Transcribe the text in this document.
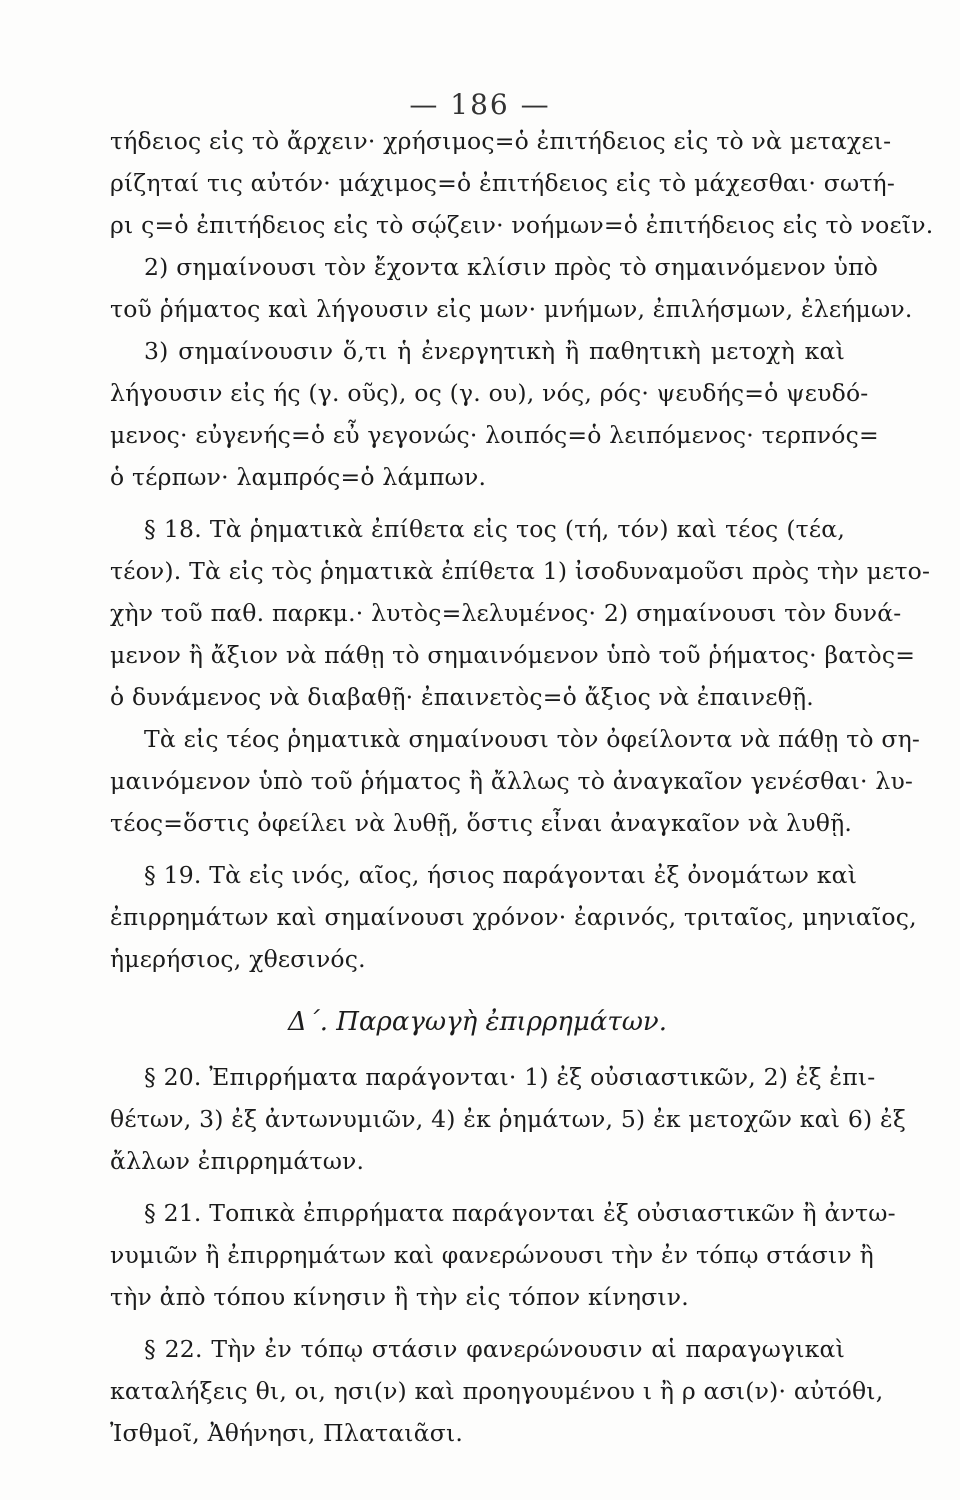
— 186 —
τήδειος εἰς τὸ ἄρχειν· χρήσιμος=ὁ ἐπιτήδειος εἰς τὸ νὰ μεταχει-
ρίζηταί τις αὐτόν· μάχιμος=ὁ ἐπιτήδειος εἰς τὸ μάχεσθαι· σωτή-
ρι ς=ὁ ἐπιτήδειος εἰς τὸ σῴζειν· νοήμων=ὁ ἐπιτήδειος εἰς τὸ νοεῖν.
2) σημαίνουσι τὸν ἔχοντα κλίσιν πρὸς τὸ σημαινόμενον ὑπὸ
τοῦ ῥήματος καὶ λήγουσιν εἰς μων· μνήμων, ἐπιλήσμων, ἐλεήμων.
3) σημαίνουσιν ὅ,τι ἡ ἐνεργητικὴ ἢ παθητικὴ μετοχὴ καὶ
λήγουσιν εἰς ής (γ. οῦς), ος (γ. ου), νός, ρός· ψευδής=ὁ ψευδό-
μενος· εὐγενής=ὁ εὖ γεγονώς· λοιπός=ὁ λειπόμενος· τερπνός=
ὁ τέρπων· λαμπρός=ὁ λάμπων.
§ 18. Τὰ ῥηματικὰ ἐπίθετα εἰς τος (τή, τόν) καὶ τέος (τέα,
τέον). Τὰ εἰς τὸς ῥηματικὰ ἐπίθετα 1) ἰσοδυναμοῦσι πρὸς τὴν μετο-
χὴν τοῦ παθ. παρκμ.· λυτὸς=λελυμένος· 2) σημαίνουσι τὸν δυνά-
μενον ἢ ἄξιον νὰ πάθῃ τὸ σημαινόμενον ὑπὸ τοῦ ῥήματος· βατὸς=
ὁ δυνάμενος νὰ διαβαθῇ· ἐπαινετὸς=ὁ ἄξιος νὰ ἐπαινεθῇ.
Τὰ εἰς τέος ῥηματικὰ σημαίνουσι τὸν ὀφείλοντα νὰ πάθῃ τὸ ση-
μαινόμενον ὑπὸ τοῦ ῥήματος ἢ ἄλλως τὸ ἀναγκαῖον γενέσθαι· λυ-
τέος=ὅστις ὀφείλει νὰ λυθῇ, ὅστις εἶναι ἀναγκαῖον νὰ λυθῇ.
§ 19. Τὰ εἰς ινός, αῖος, ήσιος παράγονται ἐξ ὀνομάτων καὶ
ἐπιρρημάτων καὶ σημαίνουσι χρόνον· ἐαρινός, τριταῖος, μηνιαῖος,
ἡμερήσιος, χθεσινός.
Δ΄. Παραγωγὴ ἐπιρρημάτων.
§ 20. Ἐπιρρήματα παράγονται· 1) ἐξ οὐσιαστικῶν, 2) ἐξ ἐπι-
θέτων, 3) ἐξ ἀντωνυμιῶν, 4) ἐκ ῥημάτων, 5) ἐκ μετοχῶν καὶ 6) ἐξ
ἄλλων ἐπιρρημάτων.
§ 21. Τοπικὰ ἐπιρρήματα παράγονται ἐξ οὐσιαστικῶν ἢ ἀντω-
νυμιῶν ἢ ἐπιρρημάτων καὶ φανερώνουσι τὴν ἐν τόπῳ στάσιν ἢ
τὴν ἀπὸ τόπου κίνησιν ἢ τὴν εἰς τόπον κίνησιν.
§ 22. Τὴν ἐν τόπῳ στάσιν φανερώνουσιν αἱ παραγωγικαὶ
καταλήξεις θι, οι, ησι(ν) καὶ προηγουμένου ι ἢ ρ ασι(ν)· αὐτόθι,
Ἰσθμοῖ, Ἀθήνησι, Πλαταιᾶσι.
